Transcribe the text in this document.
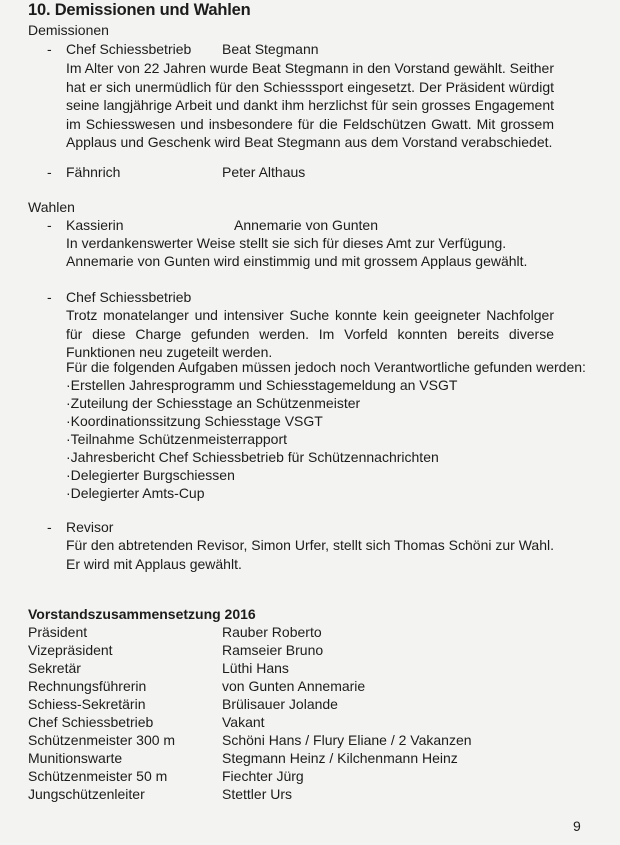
10. Demissionen und Wahlen
Demissionen
- Chef Schiessbetrieb Beat Stegmann
Im Alter von 22 Jahren wurde Beat Stegmann in den Vorstand gewählt. Seither hat er sich unermüdlich für den Schiesssport eingesetzt. Der Präsident würdigt seine langjährige Arbeit und dankt ihm herzlichst für sein grosses Engagement im Schiesswesen und insbesondere für die Feldschützen Gwatt. Mit grossem Applaus und Geschenk wird Beat Stegmann aus dem Vorstand verabschiedet.
- Fähnrich	Peter Althaus
Wahlen
- Kassierin	Annemarie von Gunten
In verdankenswerter Weise stellt sie sich für dieses Amt zur Verfügung.
Annemarie von Gunten wird einstimmig und mit grossem Applaus gewählt.
- Chef Schiessbetrieb
Trotz monatelanger und intensiver Suche konnte kein geeigneter Nachfolger für diese Charge gefunden werden. Im Vorfeld konnten bereits diverse Funktionen neu zugeteilt werden.
Für die folgenden Aufgaben müssen jedoch noch Verantwortliche gefunden werden:
·Erstellen Jahresprogramm und Schiesstagemeldung an VSGT
·Zuteilung der Schiesstage an Schützenmeister
·Koordinationssitzung Schiesstage VSGT
·Teilnahme Schützenmeisterrapport
·Jahresbericht Chef Schiessbetrieb für Schützennachrichten
·Delegierter Burgschiessen
·Delegierter Amts-Cup
- Revisor
Für den abtretenden Revisor, Simon Urfer, stellt sich Thomas Schöni zur Wahl. Er wird mit Applaus gewählt.
Vorstandszusammensetzung 2016
Präsident	Rauber Roberto
Vizepräsident	Ramseier Bruno
Sekretär	Lüthi Hans
Rechnungsführerin	von Gunten Annemarie
Schiess-Sekretärin	Brülisauer Jolande
Chef Schiessbetrieb	Vakant
Schützenmeister 300 m	Schöni Hans / Flury Eliane / 2 Vakanzen
Munitionswarte	Stegmann Heinz / Kilchenmann Heinz
Schützenmeister 50 m	Fiechter Jürg
Jungschützenleiter	Stettler Urs
9
